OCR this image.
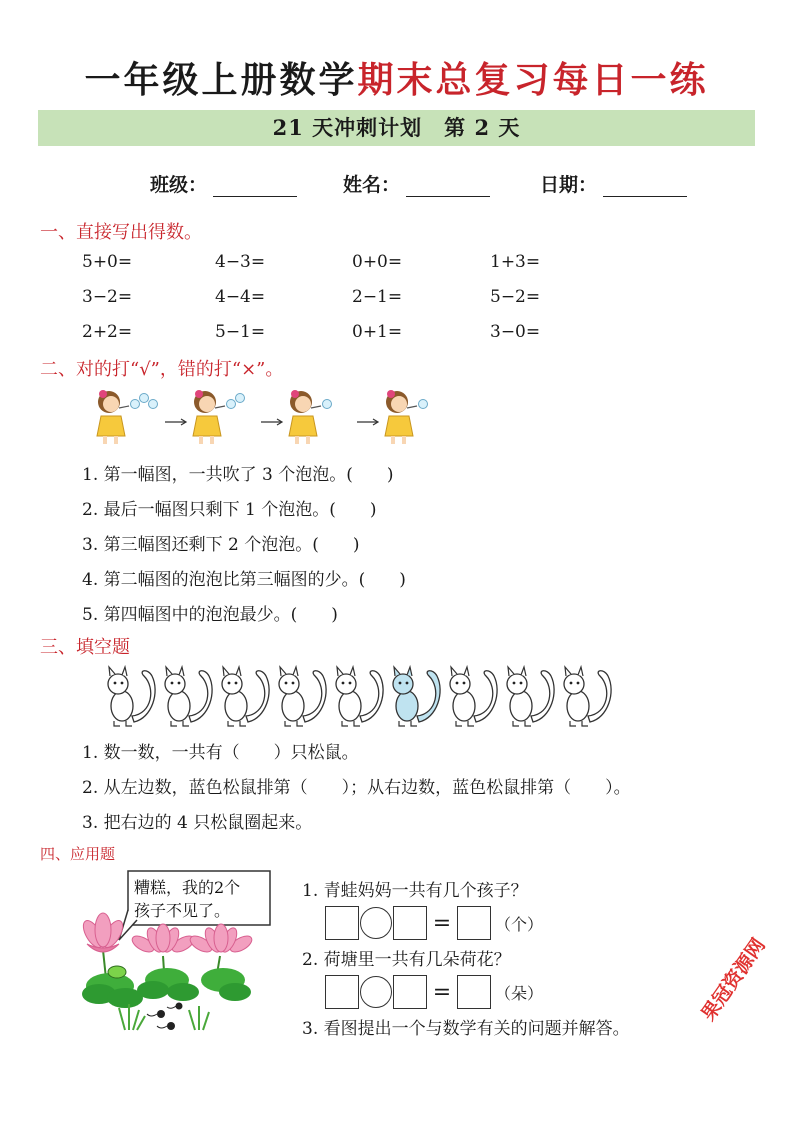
一年级上册数学期末总复习每日一练
21 天冲刺计划　第 2 天
班级：	姓名：	日期：
一、直接写出得数。
5+0=	4−3=	0+0=	1+3=
3−2=	4−4=	2−1=	5−2=
2+2=	5−1=	0+1=	3−0=
二、对的打“√”，错的打“×”。
1. 第一幅图，一共吹了 3 个泡泡。(　　)
2. 最后一幅图只剩下 1 个泡泡。(　　)
3. 第三幅图还剩下 2 个泡泡。(　　)
4. 第二幅图的泡泡比第三幅图的少。(　　)
5. 第四幅图中的泡泡最少。(　　)
三、填空题
1. 数一数，一共有（　　）只松鼠。
2. 从左边数，蓝色松鼠排第（　　）；从右边数，蓝色松鼠排第（　　）。
3. 把右边的 4 只松鼠圈起来。
四、应用题
糟糕，我的2个
孩子不见了。
1. 青蛙妈妈一共有几个孩子？
=	（个）
2. 荷塘里一共有几朵荷花？
=	（朵）
3. 看图提出一个与数学有关的问题并解答。
果冠资源网
